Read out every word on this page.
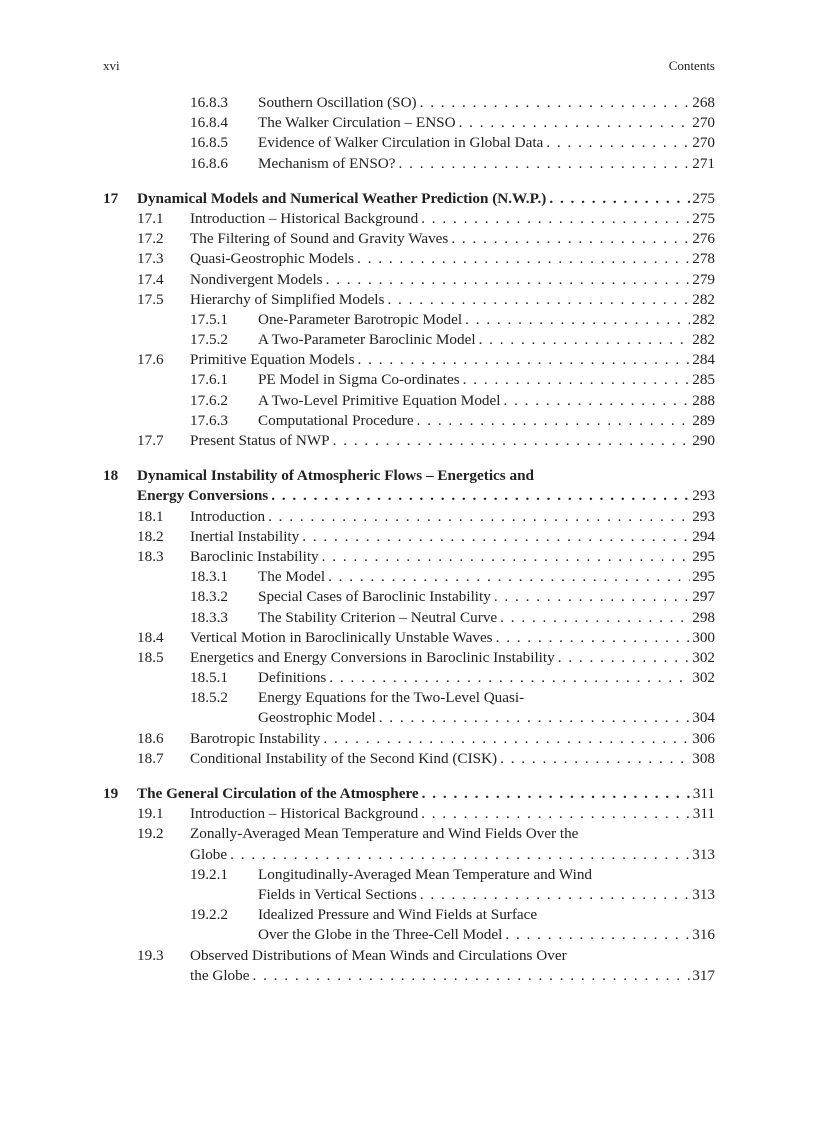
xvi	Contents
16.8.3 Southern Oscillation (SO) . . .	268
16.8.4 The Walker Circulation – ENSO . . .	270
16.8.5 Evidence of Walker Circulation in Global Data . . .	270
16.8.6 Mechanism of ENSO? . . .	271
17 Dynamical Models and Numerical Weather Prediction (N.W.P.) . . .	275
17.1 Introduction – Historical Background . . .	275
17.2 The Filtering of Sound and Gravity Waves . . .	276
17.3 Quasi-Geostrophic Models . . .	278
17.4 Nondivergent Models . . .	279
17.5 Hierarchy of Simplified Models . . .	282
17.5.1 One-Parameter Barotropic Model . . .	282
17.5.2 A Two-Parameter Baroclinic Model . . .	282
17.6 Primitive Equation Models . . .	284
17.6.1 PE Model in Sigma Co-ordinates . . .	285
17.6.2 A Two-Level Primitive Equation Model . . .	288
17.6.3 Computational Procedure . . .	289
17.7 Present Status of NWP . . .	290
18 Dynamical Instability of Atmospheric Flows – Energetics and
Energy Conversions . . .	293
18.1 Introduction . . .	293
18.2 Inertial Instability . . .	294
18.3 Baroclinic Instability . . .	295
18.3.1 The Model . . .	295
18.3.2 Special Cases of Baroclinic Instability . . .	297
18.3.3 The Stability Criterion – Neutral Curve . . .	298
18.4 Vertical Motion in Baroclinically Unstable Waves . . .	300
18.5 Energetics and Energy Conversions in Baroclinic Instability . . .	302
18.5.1 Definitions . . .	302
18.5.2 Energy Equations for the Two-Level Quasi-
Geostrophic Model . . .	304
18.6 Barotropic Instability . . .	306
18.7 Conditional Instability of the Second Kind (CISK) . . .	308
19 The General Circulation of the Atmosphere . . .	311
19.1 Introduction – Historical Background . . .	311
19.2 Zonally-Averaged Mean Temperature and Wind Fields Over the
Globe . . .	313
19.2.1 Longitudinally-Averaged Mean Temperature and Wind
Fields in Vertical Sections . . .	313
19.2.2 Idealized Pressure and Wind Fields at Surface
Over the Globe in the Three-Cell Model . . .	316
19.3 Observed Distributions of Mean Winds and Circulations Over
the Globe . . .	317
